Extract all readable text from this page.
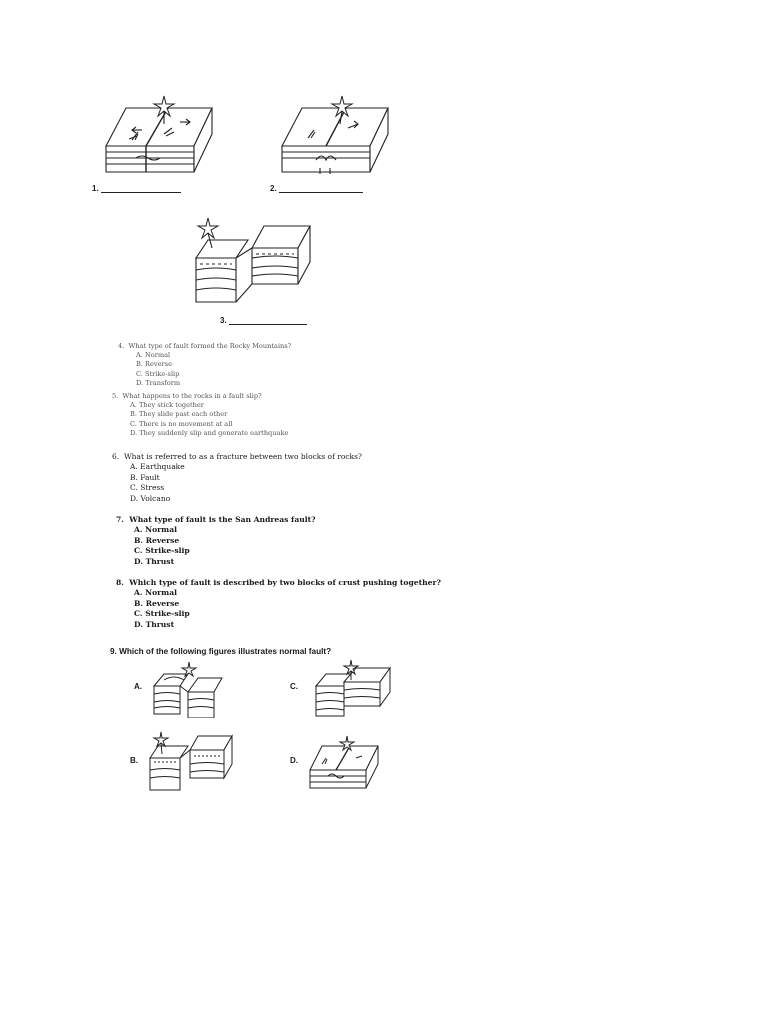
1.	2.
3.
4. What type of fault formed the Rocky Mountains?
A. Normal
B. Reverse
C. Strike-slip
D. Transform
5. What happens to the rocks in a fault slip?
A. They stick together
B. They slide past each other
C. There is no movement at all
D. They suddenly slip and generate earthquake
6. What is referred to as a fracture between two blocks of rocks?
A. Earthquake
B. Fault
C. Stress
D. Volcano
7. What type of fault is the San Andreas fault?
A. Normal
B. Reverse
C. Strike-slip
D. Thrust
8. Which type of fault is described by two blocks of crust pushing together?
A. Normal
B. Reverse
C. Strike-slip
D. Thrust
9. Which of the following figures illustrates normal fault?
A.	C.
B.	D.
